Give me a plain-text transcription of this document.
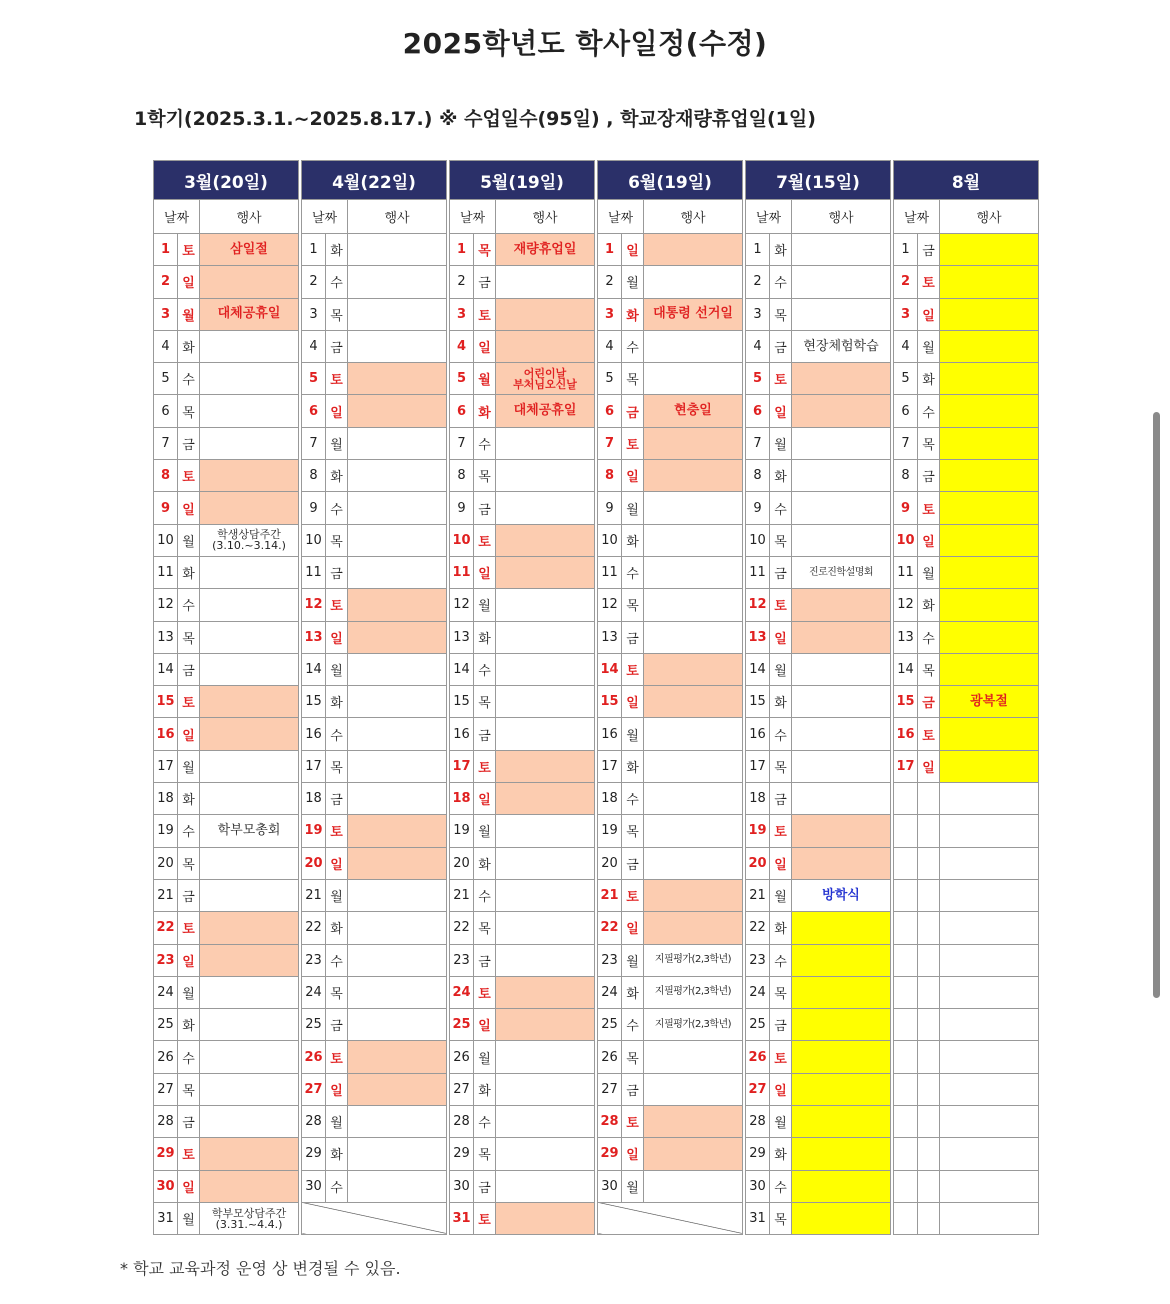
2025학년도 학사일정(수정)
1학기(2025.3.1.~2025.8.17.) ※ 수업일수(95일) , 학교장재량휴업일(1일)
3월(20일)		
날짜		행사
1	토	삼일절
2	일	
3	월	대체공휴일
4	화	
5	수	
6	목	
7	금	
8	토	
9	일	
10	월	학생상담주간
(3.10.~3.14.)

11	화	
12	수	
13	목	
14	금	
15	토	
16	일	
17	월	
18	화	
19	수	학부모총회
20	목	
21	금	
22	토	
23	일	
24	월	
25	화	
26	수	
27	목	
28	금	
29	토	
30	일	
31	월	학부모상담주간
(3.31.~4.4.)
4월(22일)		
날짜		행사
1	화	
2	수	
3	목	
4	금	
5	토	
6	일	
7	월	
8	화	
9	수	
10	목	
11	금	
12	토	
13	일	
14	월	
15	화	
16	수	
17	목	
18	금	
19	토	
20	일	
21	월	
22	화	
23	수	
24	목	
25	금	
26	토	
27	일	
28	월	
29	화	
30	수	

5월(19일)		
날짜		행사
1	목	재량휴업일
2	금	
3	토	
4	일	
5	월	어린이날
부처님오신날

6	화	대체공휴일
7	수	
8	목	
9	금	
10	토	
11	일	
12	월	
13	화	
14	수	
15	목	
16	금	
17	토	
18	일	
19	월	
20	화	
21	수	
22	목	
23	금	
24	토	
25	일	
26	월	
27	화	
28	수	
29	목	
30	금	
31	토	
6월(19일)		
날짜		행사
1	일	
2	월	
3	화	대통령 선거일
4	수	
5	목	
6	금	현충일
7	토	
8	일	
9	월	
10	화	
11	수	
12	목	
13	금	
14	토	
15	일	
16	월	
17	화	
18	수	
19	목	
20	금	
21	토	
22	일	
23	월	지필평가(2,3학년)
24	화	지필평가(2,3학년)
25	수	지필평가(2,3학년)
26	목	
27	금	
28	토	
29	일	
30	월	

7월(15일)		
날짜		행사
1	화	
2	수	
3	목	
4	금	현장체험학습
5	토	
6	일	
7	월	
8	화	
9	수	
10	목	
11	금	진로진학설명회
12	토	
13	일	
14	월	
15	화	
16	수	
17	목	
18	금	
19	토	
20	일	
21	월	방학식
22	화	
23	수	
24	목	
25	금	
26	토	
27	일	
28	월	
29	화	
30	수	
31	목	
8월		
날짜		행사
1	금	
2	토	
3	일	
4	월	
5	화	
6	수	
7	목	
8	금	
9	토	
10	일	
11	월	
12	화	
13	수	
14	목	
15	금	광복절
16	토	
17	일	

* 학교 교육과정 운영 상 변경될 수 있음.
